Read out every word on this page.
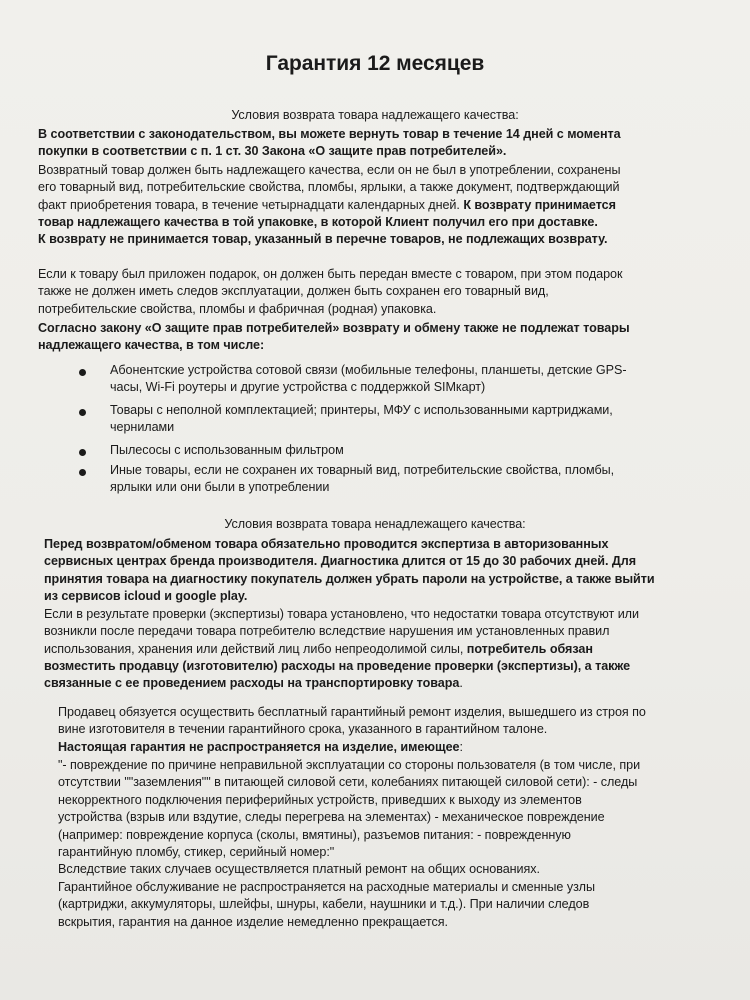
Гарантия 12 месяцев
Условия возврата товара надлежащего качества:
В соответствии с законодательством, вы можете вернуть товар в течение 14 дней с момента
покупки в соответствии с п. 1 ст. 30 Закона «О защите прав потребителей».
Возвратный товар должен быть надлежащего качества, если он не был в употреблении, сохранены
его товарный вид, потребительские свойства, пломбы, ярлыки, а также документ, подтверждающий
факт приобретения товара, в течение четырнадцати календарных дней. К возврату принимается
товар надлежащего качества в той упаковке, в которой Клиент получил его при доставке.
К возврату не принимается товар, указанный в перечне товаров, не подлежащих возврату.
Если к товару был приложен подарок, он должен быть передан вместе с товаром, при этом подарок
также не должен иметь следов эксплуатации, должен быть сохранен его товарный вид,
потребительские свойства, пломбы и фабричная (родная) упаковка.
Согласно закону «О защите прав потребителей» возврату и обмену также не подлежат товары
надлежащего качества, в том числе:
Абонентские устройства сотовой связи (мобильные телефоны, планшеты, детские GPS-
часы, Wi-Fi роутеры и другие устройства с поддержкой SIMкарт)
Товары с неполной комплектацией; принтеры, МФУ с использованными картриджами,
чернилами
Пылесосы с использованным фильтром
Иные товары, если не сохранен их товарный вид, потребительские свойства, пломбы,
ярлыки или они были в употреблении
Условия возврата товара ненадлежащего качества:
Перед возвратом/обменом товара обязательно проводится экспертиза в авторизованных
сервисных центрах бренда производителя. Диагностика длится от 15 до 30 рабочих дней. Для
принятия товара на диагностику покупатель должен убрать пароли на устройстве, а также выйти
из сервисов icloud и google play.
Если в результате проверки (экспертизы) товара установлено, что недостатки товара отсутствуют или
возникли после передачи товара потребителю вследствие нарушения им установленных правил
использования, хранения или действий лиц либо непреодолимой силы, потребитель обязан
возместить продавцу (изготовителю) расходы на проведение проверки (экспертизы), а также
связанные с ее проведением расходы на транспортировку товара.
Продавец обязуется осуществить бесплатный гарантийный ремонт изделия, вышедшего из строя по
вине изготовителя в течении гарантийного срока, указанного в гарантийном талоне.
Настоящая гарантия не распространяется на изделие, имеющее:
"- повреждение по причине неправильной эксплуатации со стороны пользователя (в том числе, при
отсутствии ""заземления"" в питающей силовой сети, колебаниях питающей силовой сети): - следы
некорректного подключения периферийных устройств, приведших к выходу из элементов
устройства (взрыв или вздутие, следы перегрева на элементах) - механическое повреждение
(например: повреждение корпуса (сколы, вмятины), разъемов питания: - поврежденную
гарантийную пломбу, стикер, серийный номер:"
Вследствие таких случаев осуществляется платный ремонт на общих основаниях.
Гарантийное обслуживание не распространяется на расходные материалы и сменные узлы
(картриджи, аккумуляторы, шлейфы, шнуры, кабели, наушники и т.д.). При наличии следов
вскрытия, гарантия на данное изделие немедленно прекращается.
